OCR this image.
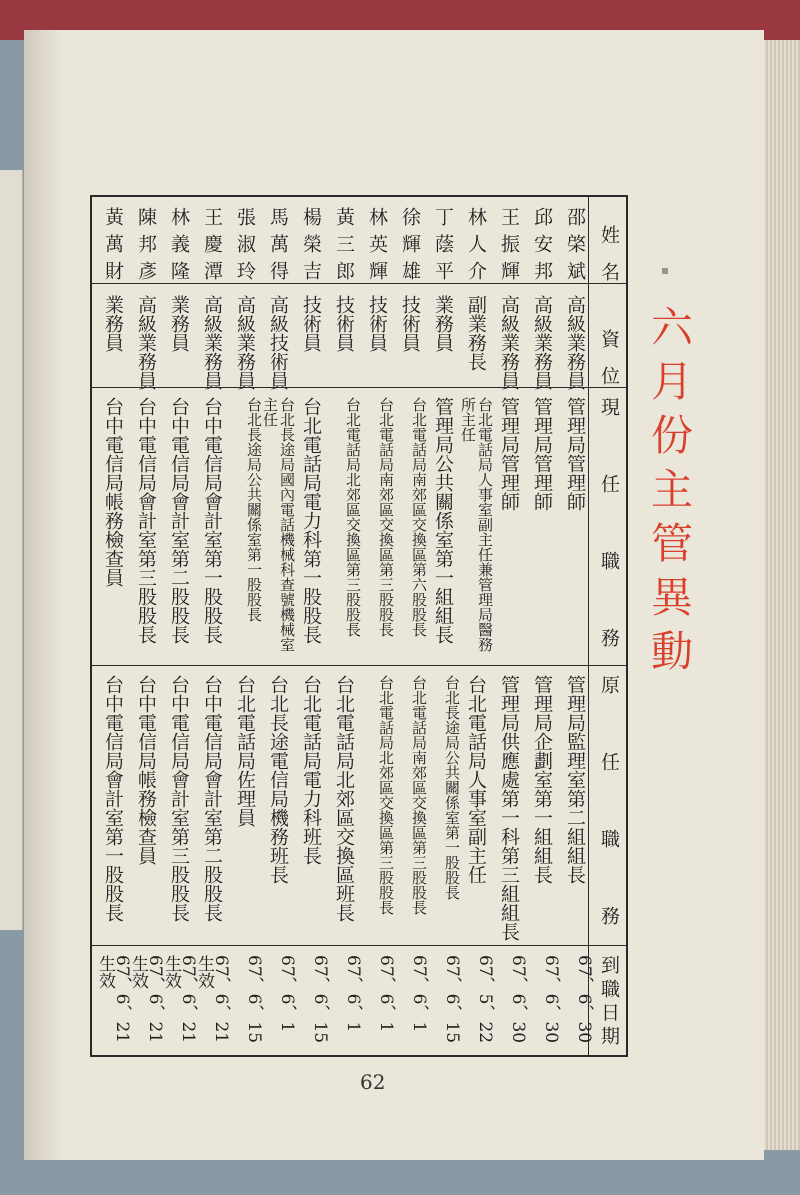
六月份主管異動
姓名
資位
現任職務
原任職務
到職日期
邵棨斌
高級業務員
管理局管理師
管理局監理室第二組組長
67、6、30
邱安邦
高級業務員
管理局管理師
管理局企劃室第一組組長
67、6、30
王振輝
高級業務員
管理局管理師
管理局供應處第一科第三組組長
67、6、30
林人介
副業務長
台北電話局人事室副主任兼管理局醫務所主任
台北電話局人事室副主任
67、5、22
丁蔭平
業務員
管理局公共關係室第一組組長
台北長途局公共關係室第一股股長
67、6、15
徐輝雄
技術員
台北電話局南郊區交換區第六股股長
台北電話局南郊區交換區第三股股長
67、6、1
林英輝
技術員
台北電話局南郊區交換區第三股股長
台北電話局北郊區交換區第三股股長
67、6、1
黃三郎
技術員
台北電話局北郊區交換區第三股股長
台北電話局北郊區交換區班長
67、6、1
楊榮吉
技術員
台北電話局電力科第一股股長
台北電話局電力科班長
67、6、15
馬萬得
高級技術員
台北長途局國內電話機械科查號機械室主任
台北長途電信局機務班長
67、6、1
張淑玲
高級業務員
台北長途局公共關係室第一股股長
台北電話局佐理員
67、6、15
王慶潭
高級業務員
台中電信局會計室第一股股長
台中電信局會計室第二股股長
67、6、21生效
林義隆
業務員
台中電信局會計室第二股股長
台中電信局會計室第三股股長
67、6、21生效
陳邦彥
高級業務員
台中電信局會計室第三股股長
台中電信局帳務檢查員
67、6、21生效
黃萬財
業務員
台中電信局帳務檢查員
台中電信局會計室第一股股長
67、6、21生效
62
